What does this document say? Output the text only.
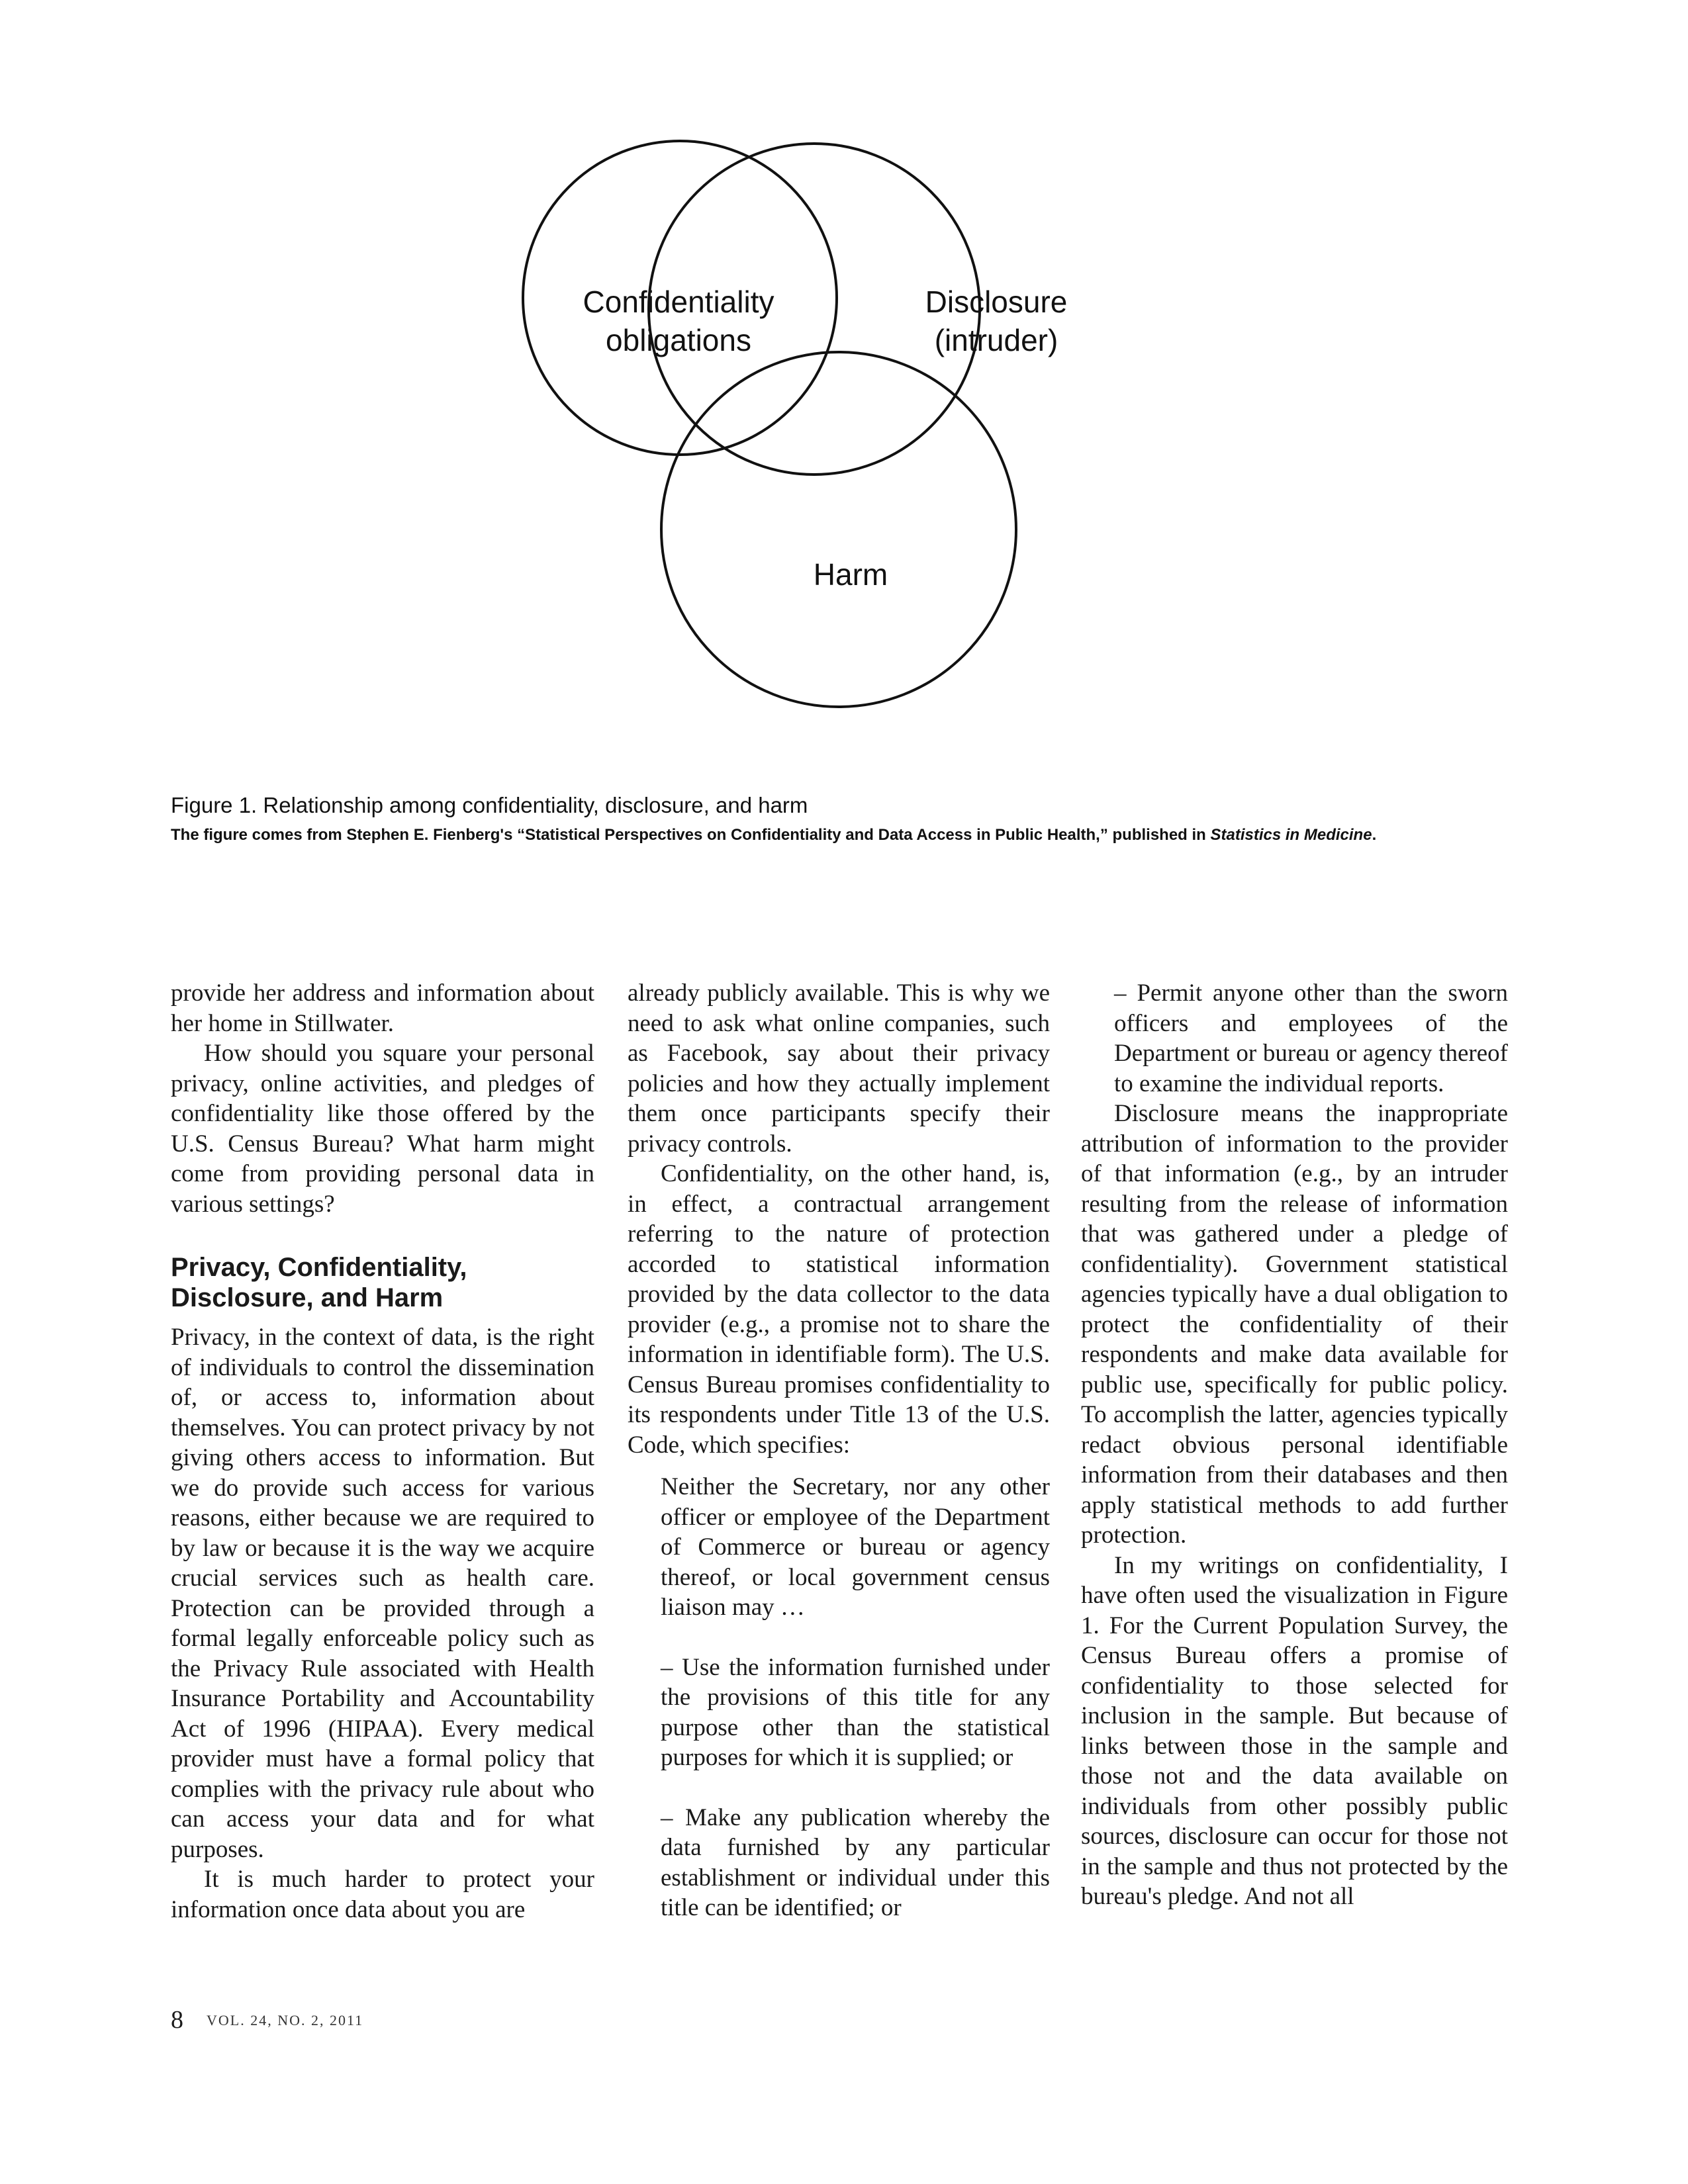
Confidentiality
obligations
Disclosure
(intruder)
Harm
Figure 1. Relationship among confidentiality, disclosure, and harm
The figure comes from Stephen E. Fienberg's “Statistical Perspectives on Confidentiality and Data Access in Public Health,” published in Statistics in Medicine.

provide her address and information about her home in Stillwater.

How should you square your personal privacy, online activities, and pledges of confidentiality like those offered by the U.S. Census Bureau? What harm might come from providing personal data in various settings?

Privacy, Confidentiality, Disclosure, and Harm

Privacy, in the context of data, is the right of individuals to control the dissemination of, or access to, information about themselves. You can protect privacy by not giving others access to information. But we do provide such access for various reasons, either because we are required to by law or because it is the way we acquire crucial services such as health care. Protection can be provided through a formal legally enforceable policy such as the Privacy Rule associated with Health Insurance Portability and Accountability Act of 1996 (HIPAA). Every medical provider must have a formal policy that complies with the privacy rule about who can access your data and for what purposes.

It is much harder to protect your information once data about you are

already publicly available. This is why we need to ask what online companies, such as Facebook, say about their privacy policies and how they actually implement them once participants specify their privacy controls.

Confidentiality, on the other hand, is, in effect, a contractual arrangement referring to the nature of protection accorded to statistical information provided by the data collector to the data provider (e.g., a promise not to share the information in identifiable form). The U.S. Census Bureau promises confidentiality to its respondents under Title 13 of the U.S. Code, which specifies:

Neither the Secretary, nor any other officer or employee of the Department of Commerce or bureau or agency thereof, or local government census liaison may …

– Use the information furnished under the provisions of this title for any purpose other than the statistical purposes for which it is supplied; or

– Make any publication whereby the data furnished by any particular establishment or individual under this title can be identified; or

– Permit anyone other than the sworn officers and employees of the Department or bureau or agency thereof to examine the individual reports.

Disclosure means the inappropriate attribution of information to the provider of that information (e.g., by an intruder resulting from the release of information that was gathered under a pledge of confidentiality). Government statistical agencies typically have a dual obligation to protect the confidentiality of their respondents and make data available for public use, specifically for public policy. To accomplish the latter, agencies typically redact obvious personal identifiable information from their databases and then apply statistical methods to add further protection.

In my writings on confidentiality, I have often used the visualization in Figure 1. For the Current Population Survey, the Census Bureau offers a promise of confidentiality to those selected for inclusion in the sample. But because of links between those in the sample and those not and the data available on individuals from other possibly public sources, disclosure can occur for those not in the sample and thus not protected by the bureau's pledge. And not all

8 VOL. 24, NO. 2, 2011
